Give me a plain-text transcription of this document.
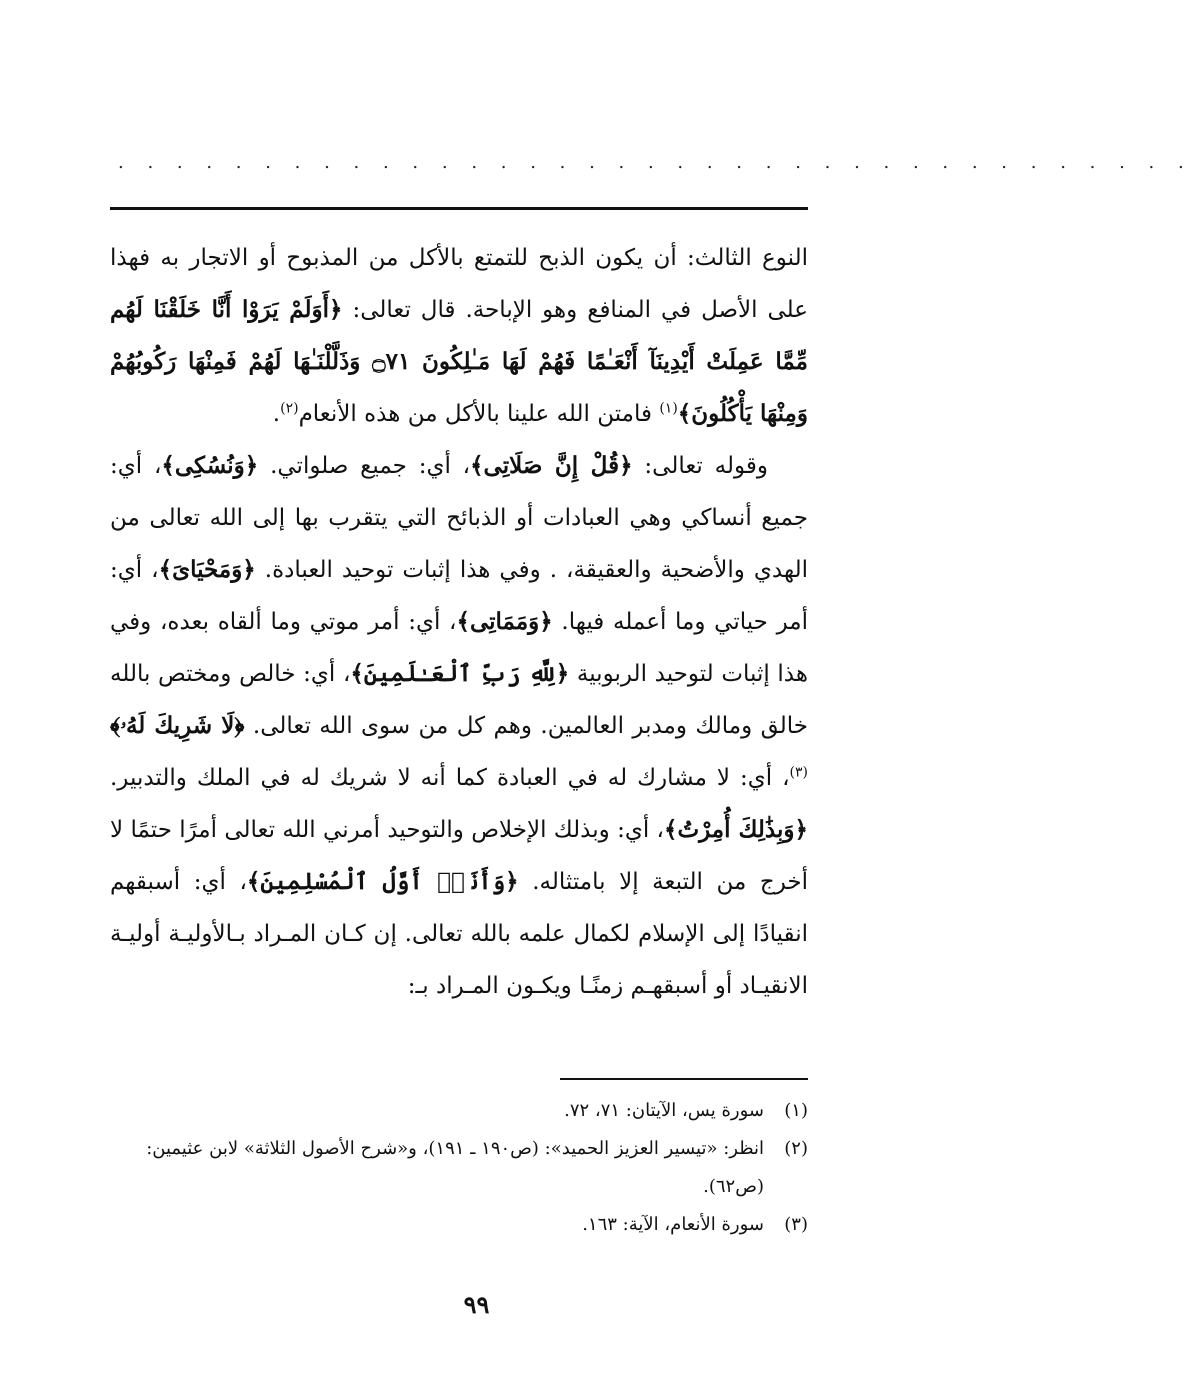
. . . . . . . . . . . . . . . . . . . . . . . . . . . . . . . . . . . . .

النوع الثالث: أن يكون الذبح للتمتع بالأكل من المذبوح أو الاتجار به فهذا على الأصل في المنافع وهو الإباحة. قال تعالى: ﴿أَوَلَمْ يَرَوْا أَنَّا خَلَقْنَا لَهُم مِّمَّا عَمِلَتْ أَيْدِينَآ أَنْعَـٰمًا فَهُمْ لَهَا مَـٰلِكُونَ ۝٧١ وَذَلَّلْنَـٰهَا لَهُمْ فَمِنْهَا رَكُوبُهُمْ وَمِنْهَا يَأْكُلُونَ﴾$^{(١)}$ فامتن الله علينا بالأكل من هذه الأنعام$^{(٢)}$.

وقوله تعالى: ﴿قُلْ إِنَّ صَلَاتِى﴾، أي: جميع صلواتي. ﴿وَنُسُكِى﴾، أي: جميع أنساكي وهي العبادات أو الذبائح التي يتقرب بها إلى الله تعالى من الهدي والأضحية والعقيقة، . وفي هذا إثبات توحيد العبادة. ﴿وَمَحْيَاىَ﴾، أي: أمر حياتي وما أعمله فيها. ﴿وَمَمَاتِى﴾، أي: أمر موتي وما ألقاه بعده، وفي هذا إثبات لتوحيد الربوبية ﴿لِلَّهِ رَبِّ ٱلْعَـٰلَمِينَ﴾، أي: خالص ومختص بالله خالق ومالك ومدبر العالمين. وهم كل من سوى الله تعالى. ﴿لَا شَرِيكَ لَهُۥ﴾$^{(٣)}$، أي: لا مشارك له في العبادة كما أنه لا شريك له في الملك والتدبير. ﴿وَبِذَٰلِكَ أُمِرْتُ﴾، أي: وبذلك الإخلاص والتوحيد أمرني الله تعالى أمرًا حتمًا لا أخرج من التبعة إلا بامتثاله. ﴿وَأَنَا۠ أَوَّلُ ٱلْمُسْلِمِينَ﴾، أي: أسبقهم انقيادًا إلى الإسلام لكمال علمه بالله تعالى. إن كـان المـراد بـالأوليـة أوليـة الانقيـاد أو أسبقهـم زمنًـا ويكـون المـراد بـ:

(١)
سورة يس، الآيتان: ٧١، ٧٢.
(٢)
انظر: «تيسير العزيز الحميد»: (ص١٩٠ ـ ١٩١)، و«شرح الأصول الثلاثة» لابن عثيمين: (ص٦٢).
(٣)
سورة الأنعام، الآية: ١٦٣.
٩٩
